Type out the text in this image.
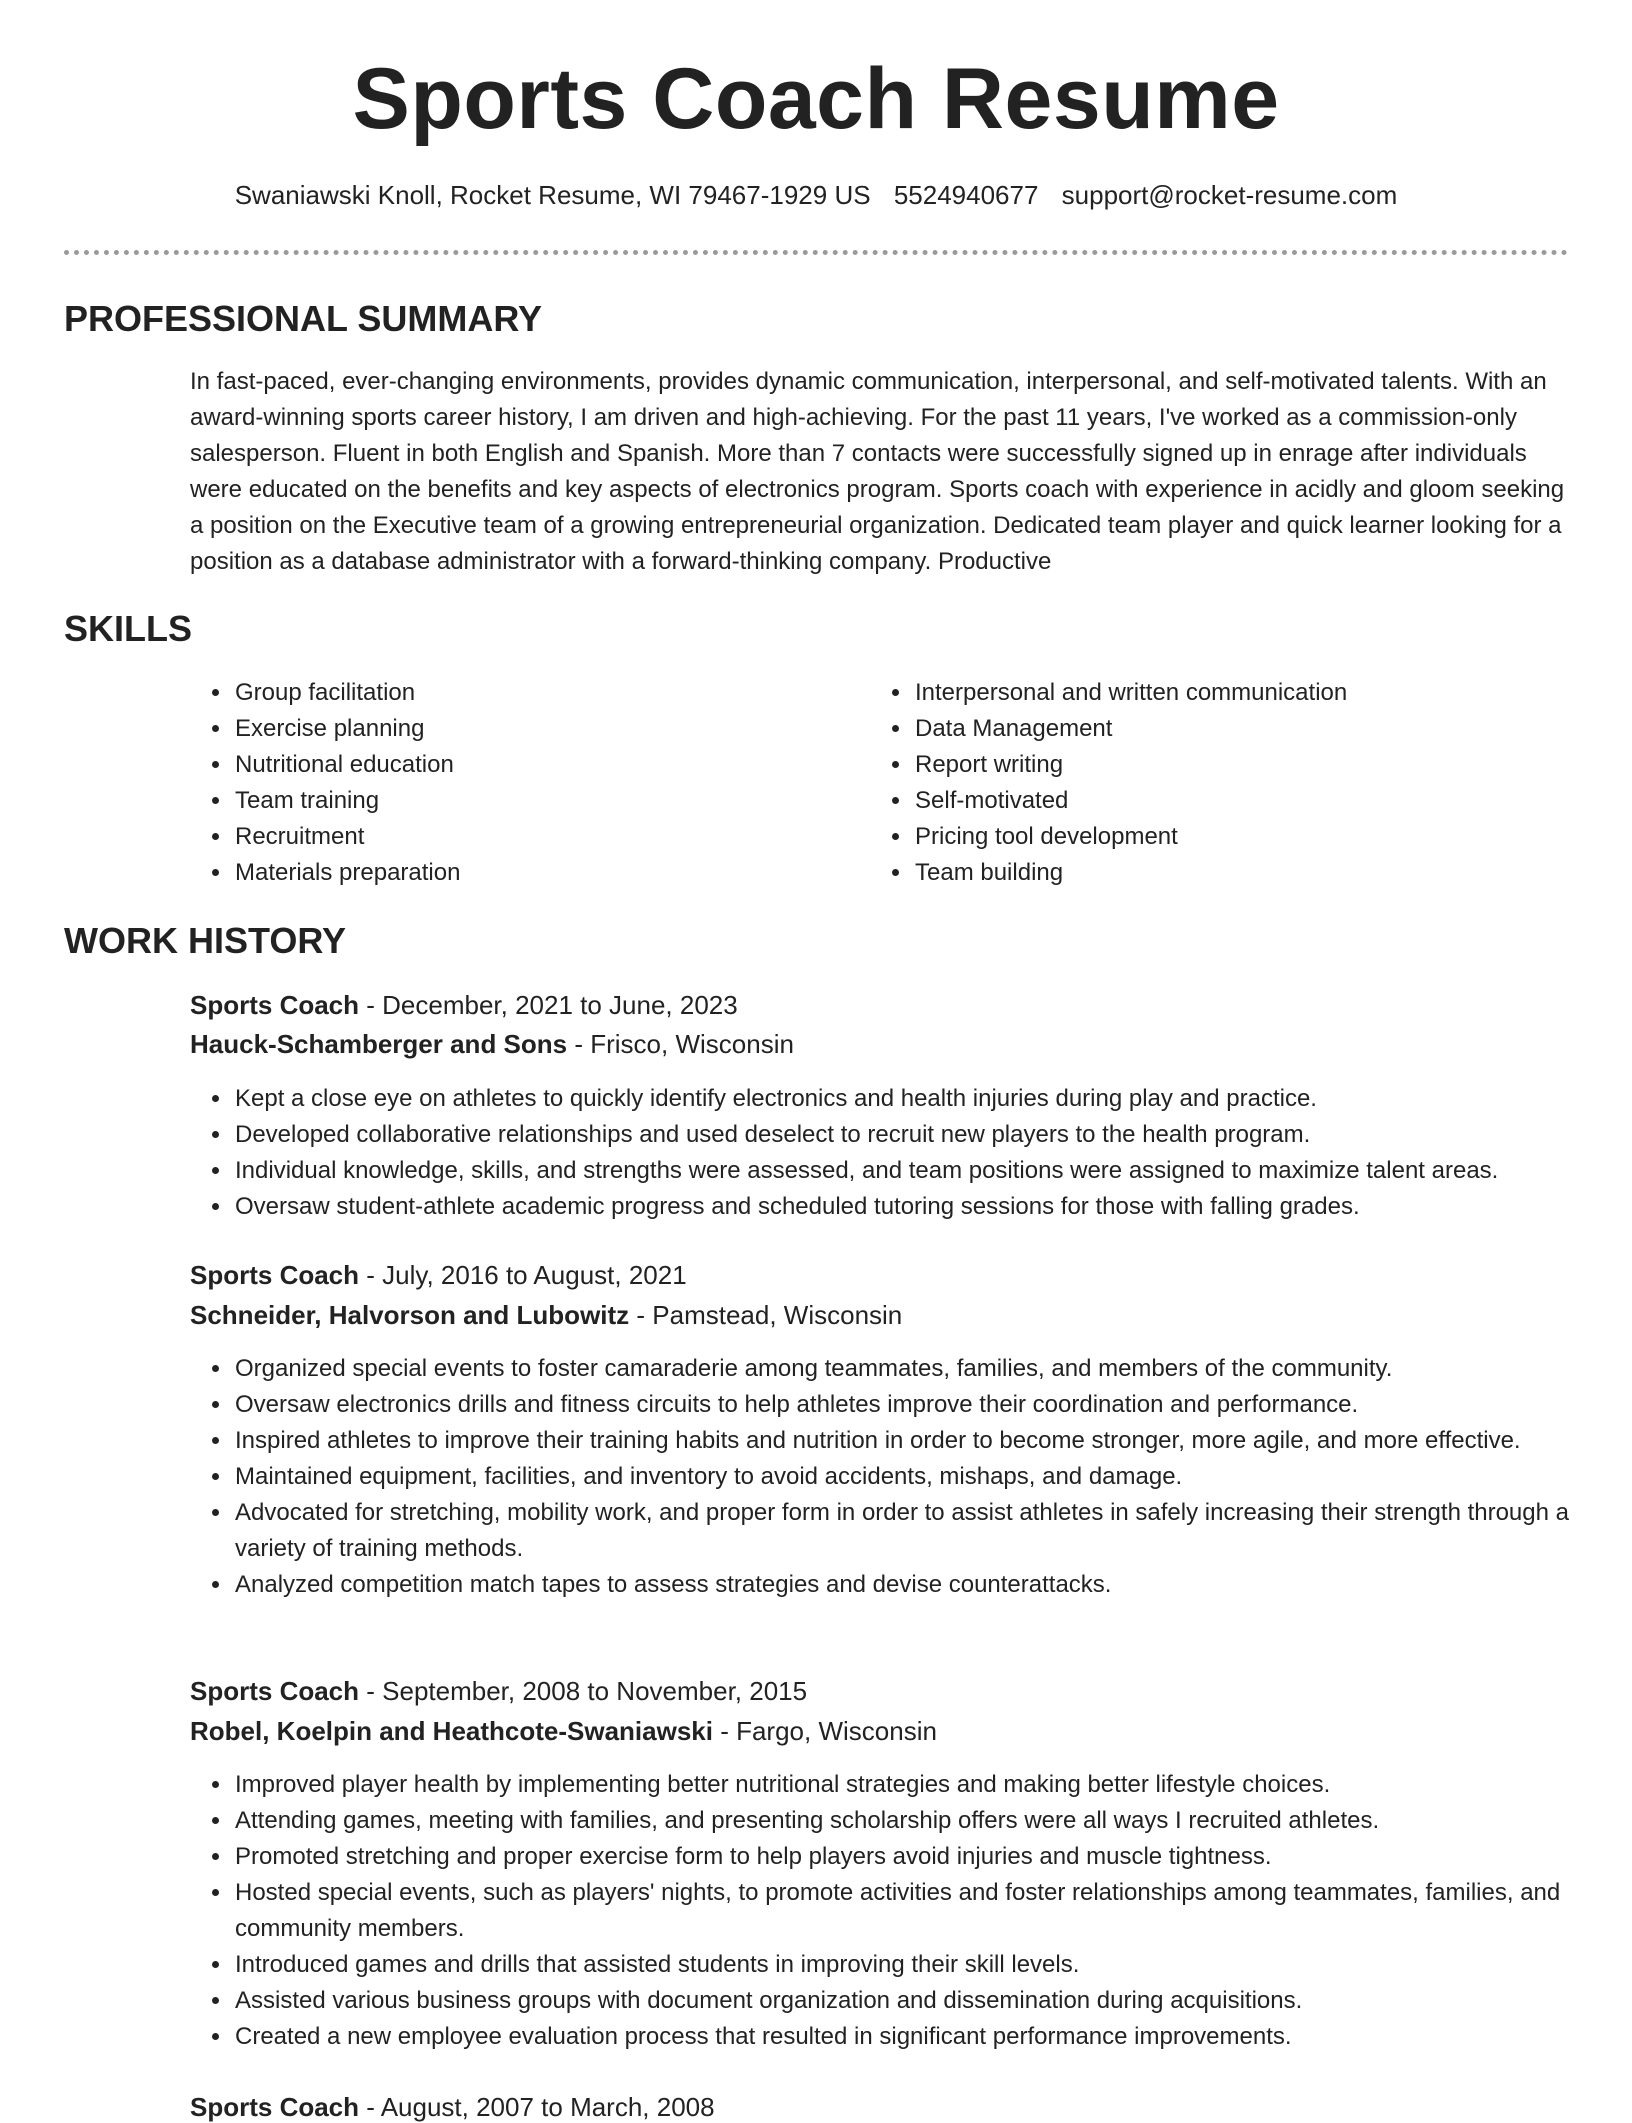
Sports Coach Resume
Swaniawski Knoll, Rocket Resume, WI 79467-1929 US 5524940677 support@rocket-resume.com
PROFESSIONAL SUMMARY

In fast-paced, ever-changing environments, provides dynamic communication, interpersonal, and self-motivated talents. With an award-winning sports career history, I am driven and high-achieving. For the past 11 years, I've worked as a commission-only salesperson. Fluent in both English and Spanish. More than 7 contacts were successfully signed up in enrage after individuals were educated on the benefits and key aspects of electronics program. Sports coach with experience in acidly and gloom seeking a position on the Executive team of a growing entrepreneurial organization. Dedicated team player and quick learner looking for a position as a database administrator with a forward-thinking company. Productive

SKILLS
• Group facilitation
• Exercise planning
• Nutritional education
• Team training
• Recruitment
• Materials preparation
• Interpersonal and written communication
• Data Management
• Report writing
• Self-motivated
• Pricing tool development
• Team building
WORK HISTORY
Sports Coach - December, 2021 to June, 2023
Hauck-Schamberger and Sons - Frisco, Wisconsin
• Kept a close eye on athletes to quickly identify electronics and health injuries during play and practice.
• Developed collaborative relationships and used deselect to recruit new players to the health program.
• Individual knowledge, skills, and strengths were assessed, and team positions were assigned to maximize talent areas.
• Oversaw student-athlete academic progress and scheduled tutoring sessions for those with falling grades.
Sports Coach - July, 2016 to August, 2021
Schneider, Halvorson and Lubowitz - Pamstead, Wisconsin
• Organized special events to foster camaraderie among teammates, families, and members of the community.
• Oversaw electronics drills and fitness circuits to help athletes improve their coordination and performance.
• Inspired athletes to improve their training habits and nutrition in order to become stronger, more agile, and more effective.
• Maintained equipment, facilities, and inventory to avoid accidents, mishaps, and damage.
• Advocated for stretching, mobility work, and proper form in order to assist athletes in safely increasing their strength through a variety of training methods.
• Analyzed competition match tapes to assess strategies and devise counterattacks.
Sports Coach - September, 2008 to November, 2015
Robel, Koelpin and Heathcote-Swaniawski - Fargo, Wisconsin
• Improved player health by implementing better nutritional strategies and making better lifestyle choices.
• Attending games, meeting with families, and presenting scholarship offers were all ways I recruited athletes.
• Promoted stretching and proper exercise form to help players avoid injuries and muscle tightness.
• Hosted special events, such as players' nights, to promote activities and foster relationships among teammates, families, and community members.
• Introduced games and drills that assisted students in improving their skill levels.
• Assisted various business groups with document organization and dissemination during acquisitions.
• Created a new employee evaluation process that resulted in significant performance improvements.
Sports Coach - August, 2007 to March, 2008
